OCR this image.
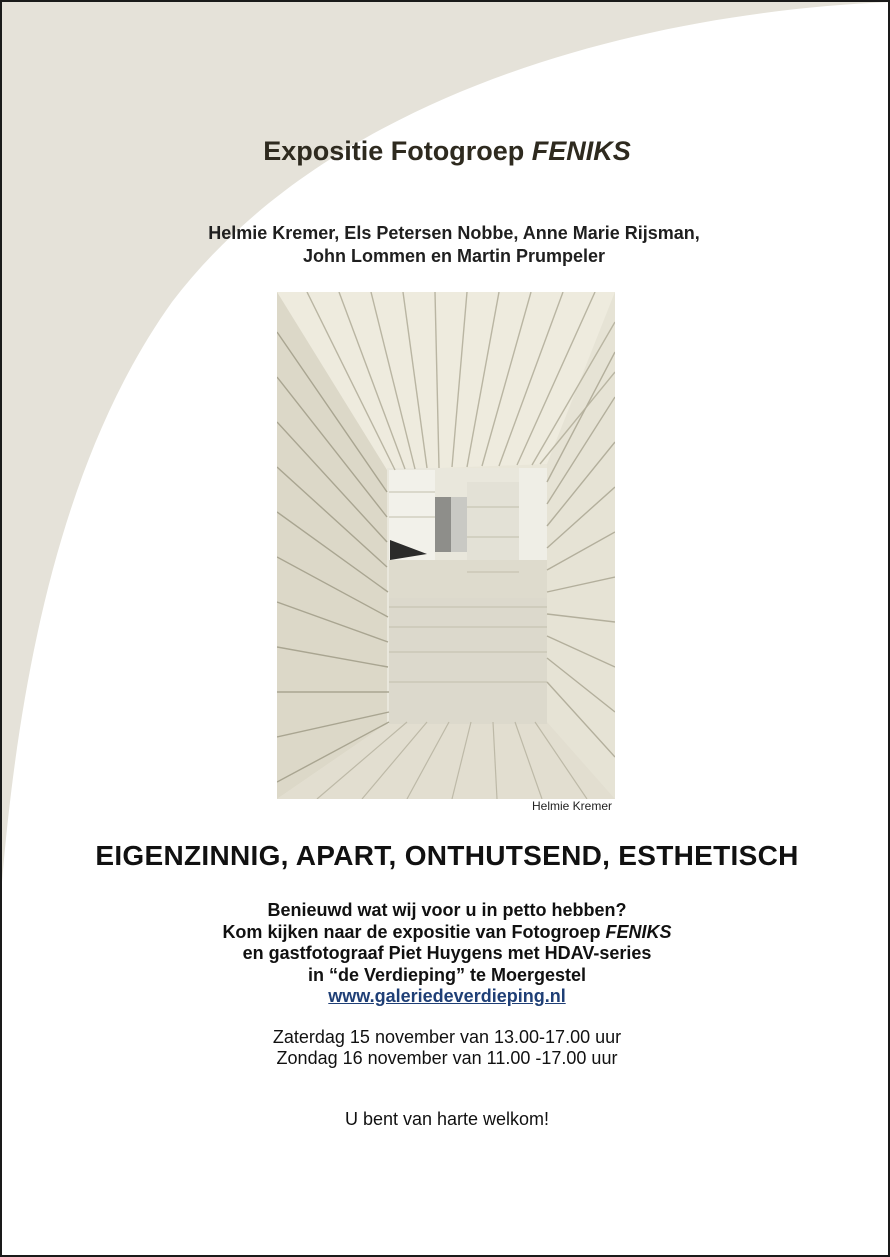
Expositie Fotogroep FENIKS
Helmie Kremer, Els Petersen Nobbe, Anne Marie Rijsman,
John Lommen en Martin Prumpeler
Helmie Kremer
EIGENZINNIG, APART, ONTHUTSEND, ESTHETISCH
Benieuwd wat wij voor u in petto hebben?
Kom kijken naar de expositie van Fotogroep FENIKS
en gastfotograaf Piet Huygens met HDAV-series
in “de Verdieping” te Moergestel
www.galeriedeverdieping.nl
Zaterdag 15 november van 13.00-17.00 uur
Zondag 16 november van 11.00 -17.00 uur
U bent van harte welkom!
